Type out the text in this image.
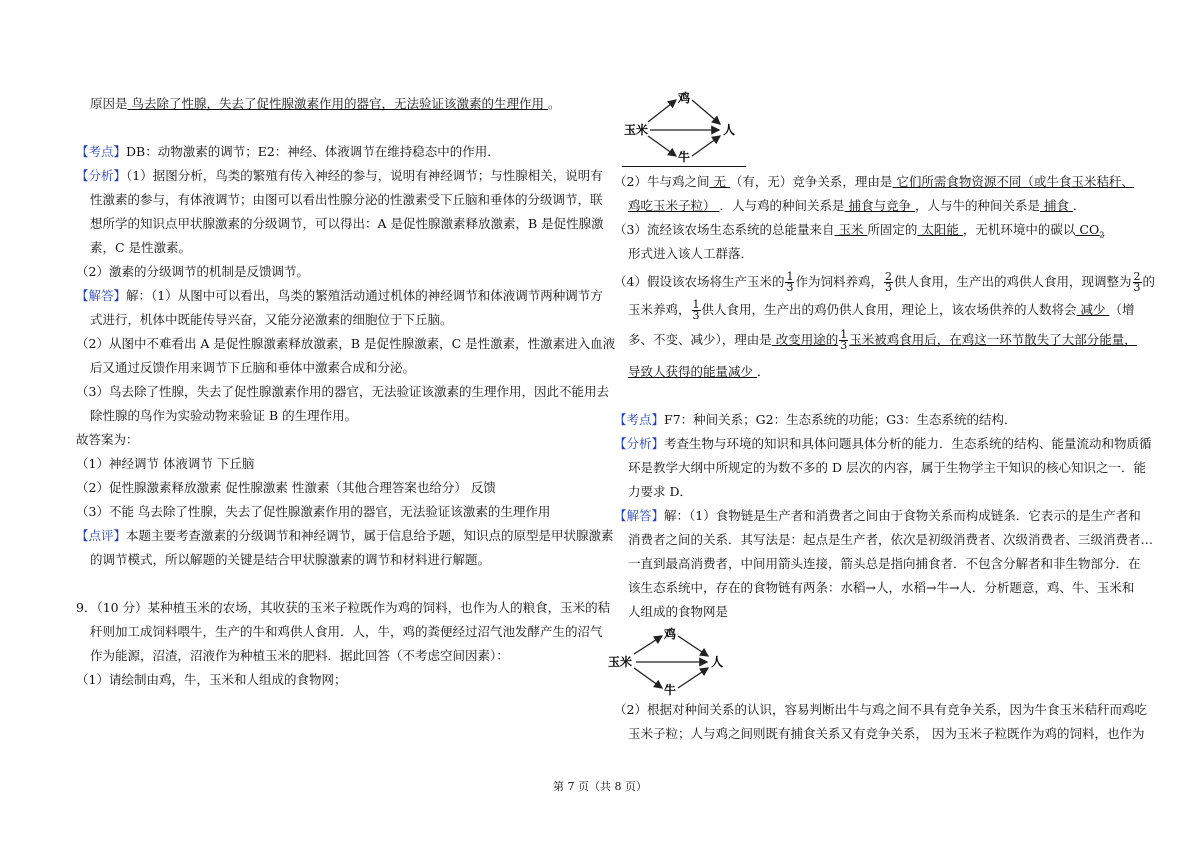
原因是 鸟去除了性腺，失去了促性腺激素作用的器官，无法验证该激素的生理作用 。
【考点】DB：动物激素的调节；E2：神经、体液调节在维持稳态中的作用．
【分析】（1）据图分析，鸟类的繁殖有传入神经的参与，说明有神经调节；与性腺相关，说明有
性激素的参与，有体液调节；由图可以看出性腺分泌的性激素受下丘脑和垂体的分级调节，联
想所学的知识点甲状腺激素的分级调节，可以得出：A 是促性腺激素释放激素，B 是促性腺激
素，C 是性激素。
（2）激素的分级调节的机制是反馈调节。
【解答】解：（1）从图中可以看出，鸟类的繁殖活动通过机体的神经调节和体液调节两种调节方
式进行，机体中既能传导兴奋，又能分泌激素的细胞位于下丘脑。
（2）从图中不难看出 A 是促性腺激素释放激素，B 是促性腺激素，C 是性激素，性激素进入血液
后又通过反馈作用来调节下丘脑和垂体中激素合成和分泌。
（3）鸟去除了性腺，失去了促性腺激素作用的器官，无法验证该激素的生理作用，因此不能用去
除性腺的鸟作为实验动物来验证 B 的生理作用。
故答案为：
（1）神经调节 体液调节 下丘脑
（2）促性腺激素释放激素 促性腺激素 性激素（其他合理答案也给分） 反馈
（3）不能 鸟去除了性腺，失去了促性腺激素作用的器官，无法验证该激素的生理作用
【点评】本题主要考查激素的分级调节和神经调节，属于信息给予题，知识点的原型是甲状腺激素
的调节模式，所以解题的关键是结合甲状腺激素的调节和材料进行解题。
9．（10 分）某种植玉米的农场，其收获的玉米子粒既作为鸡的饲料，也作为人的粮食，玉米的秸
秆则加工成饲料喂牛，生产的牛和鸡供人食用．人，牛，鸡的粪便经过沼气池发酵产生的沼气
作为能源，沼渣，沼液作为种植玉米的肥料．据此回答（不考虑空间因素）：
（1）请绘制由鸡，牛，玉米和人组成的食物网；
鸡
玉米	人
牛
（2）牛与鸡之间 无 （有，无）竞争关系，理由是 它们所需食物资源不同（或牛食玉米秸秆、
鸡吃玉米子粒） ．人与鸡的种间关系是 捕食与竞争 ，人与牛的种间关系是 捕食 ．
（3）流经该农场生态系统的总能量来自 玉米 所固定的 太阳能 ，无机环境中的碳以 $CO_2$
形式进入该人工群落．
（4）假设该农场将生产玉米的 $\frac{1}{3}$ 作为饲料养鸡， $\frac{2}{3}$ 供人食用，生产出的鸡供人食用，现调整为 $\frac{2}{3}$ 的
玉米养鸡， $\frac{1}{3}$ 供人食用，生产出的鸡仍供人食用，理论上，该农场供养的人数将会 减少 （增
多、不变、减少），理由是 改变用途的 $\frac{1}{3}$ 玉米被鸡食用后，在鸡这一环节散失了大部分能量，
导致人获得的能量减少 ．
【考点】F7：种间关系；G2：生态系统的功能；G3：生态系统的结构．
【分析】考查生物与环境的知识和具体问题具体分析的能力．生态系统的结构、能量流动和物质循
环是教学大纲中所规定的为数不多的 D 层次的内容，属于生物学主干知识的核心知识之一．能
力要求 D．
【解答】解：（1）食物链是生产者和消费者之间由于食物关系而构成链条．它表示的是生产者和
消费者之间的关系．其写法是：起点是生产者，依次是初级消费者、次级消费者、三级消费者…
一直到最高消费者，中间用箭头连接，箭头总是指向捕食者．不包含分解者和非生物部分．在
该生态系统中，存在的食物链有两条：水稻→人，水稻→牛→人．分析题意，鸡、牛、玉米和
人组成的食物网是
鸡
玉米	人
牛
（2）根据对种间关系的认识，容易判断出牛与鸡之间不具有竞争关系，因为牛食玉米秸秆而鸡吃
玉米子粒；人与鸡之间则既有捕食关系又有竞争关系， 因为玉米子粒既作为鸡的饲料，也作为
第 7 页（共 8 页）
